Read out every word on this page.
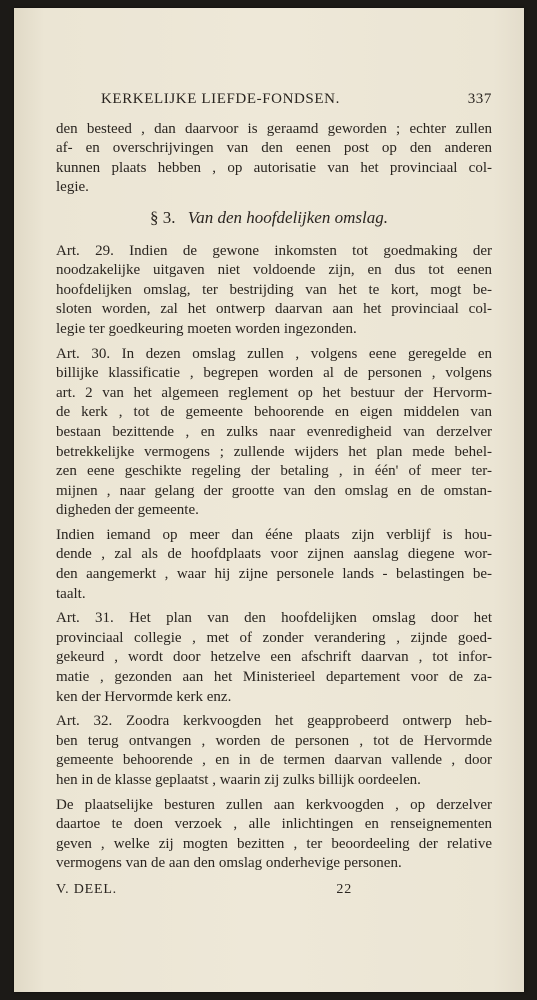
KERKELIJKE LIEFDE-FONDSEN.	337
den besteed , dan daarvoor is geraamd geworden ; echter zullen
af- en overschrijvingen van den eenen post op den anderen
kunnen plaats hebben , op autorisatie van het provinciaal col-
legie.
§ 3. Van den hoofdelijken omslag.
Art. 29. Indien de gewone inkomsten tot goedmaking der
noodzakelijke uitgaven niet voldoende zijn, en dus tot eenen
hoofdelijken omslag, ter bestrijding van het te kort, mogt be-
sloten worden, zal het ontwerp daarvan aan het provinciaal col-
legie ter goedkeuring moeten worden ingezonden.
Art. 30. In dezen omslag zullen , volgens eene geregelde en
billijke klassificatie , begrepen worden al de personen , volgens
art. 2 van het algemeen reglement op het bestuur der Hervorm-
de kerk , tot de gemeente behoorende en eigen middelen van
bestaan bezittende , en zulks naar evenredigheid van derzelver
betrekkelijke vermogens ; zullende wijders het plan mede behel-
zen eene geschikte regeling der betaling , in één' of meer ter-
mijnen , naar gelang der grootte van den omslag en de omstan-
digheden der gemeente.
Indien iemand op meer dan ééne plaats zijn verblijf is hou-
dende , zal als de hoofdplaats voor zijnen aanslag diegene wor-
den aangemerkt , waar hij zijne personele lands - belastingen be-
taalt.
Art. 31. Het plan van den hoofdelijken omslag door het
provinciaal collegie , met of zonder verandering , zijnde goed-
gekeurd , wordt door hetzelve een afschrift daarvan , tot infor-
matie , gezonden aan het Ministerieel departement voor de za-
ken der Hervormde kerk enz.
Art. 32. Zoodra kerkvoogden het geapprobeerd ontwerp heb-
ben terug ontvangen , worden de personen , tot de Hervormde
gemeente behoorende , en in de termen daarvan vallende , door
hen in de klasse geplaatst , waarin zij zulks billijk oordeelen.
De plaatselijke besturen zullen aan kerkvoogden , op derzelver
daartoe te doen verzoek , alle inlichtingen en renseignementen
geven , welke zij mogten bezitten , ter beoordeeling der relative
vermogens van de aan den omslag onderhevige personen.
V. DEEL.	22
